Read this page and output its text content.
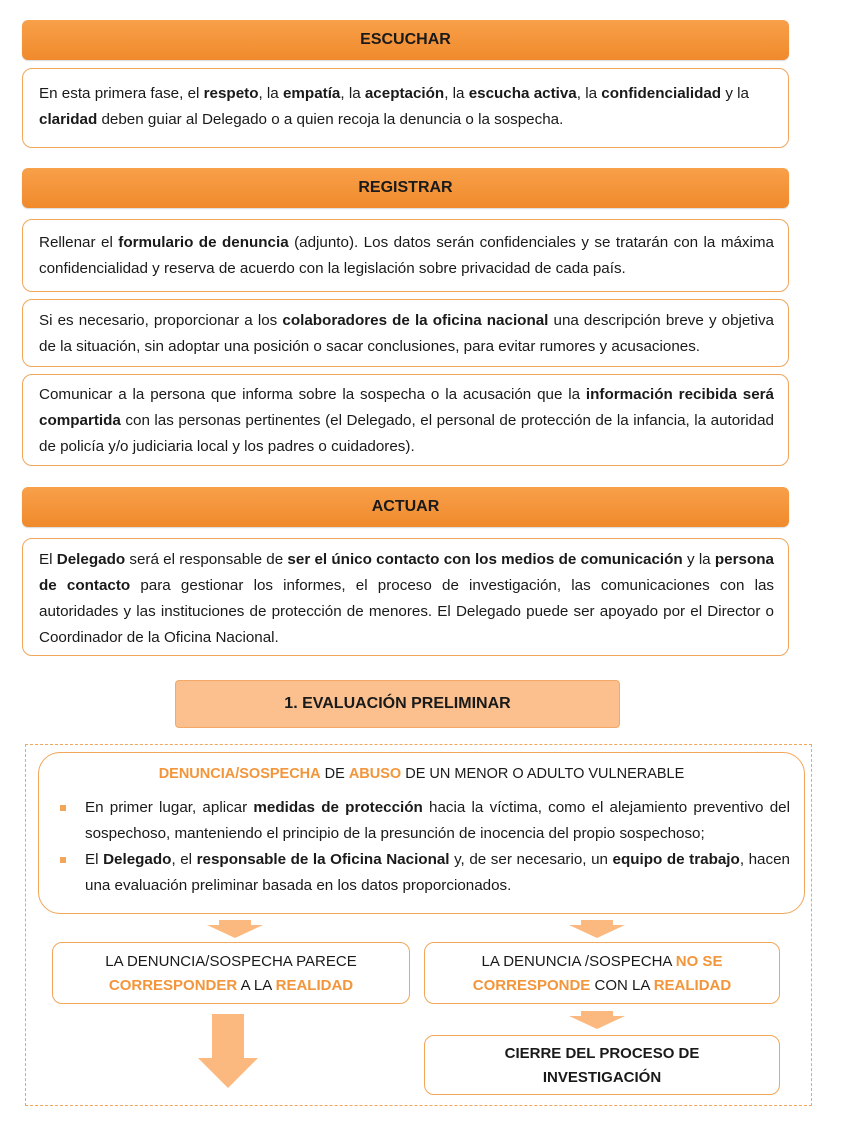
ESCUCHAR
En esta primera fase, el respeto, la empatía, la aceptación, la escucha activa, la confidencialidad y la
claridad deben guiar al Delegado o a quien recoja la denuncia o la sospecha.
REGISTRAR
Rellenar el formulario de denuncia (adjunto). Los datos serán confidenciales y se tratarán con la máxima confidencialidad y reserva de acuerdo con la legislación sobre privacidad de cada país.
Si es necesario, proporcionar a los colaboradores de la oficina nacional una descripción breve y objetiva de la situación, sin adoptar una posición o sacar conclusiones, para evitar rumores y acusaciones.
Comunicar a la persona que informa sobre la sospecha o la acusación que la información recibida será compartida con las personas pertinentes (el Delegado, el personal de protección de la infancia, la autoridad de policía y/o judiciaria local y los padres o cuidadores).
ACTUAR
El Delegado será el responsable de ser el único contacto con los medios de comunicación y la persona de contacto para gestionar los informes, el proceso de investigación, las comunicaciones con las autoridades y las instituciones de protección de menores. El Delegado puede ser apoyado por el Director o Coordinador de la Oficina Nacional.
1. EVALUACIÓN PRELIMINAR
DENUNCIA/SOSPECHA DE ABUSO DE UN MENOR O ADULTO VULNERABLE
En primer lugar, aplicar medidas de protección hacia la víctima, como el alejamiento preventivo del sospechoso, manteniendo el principio de la presunción de inocencia del propio sospechoso;
El Delegado, el responsable de la Oficina Nacional y, de ser necesario, un equipo de trabajo, hacen una evaluación preliminar basada en los datos proporcionados.
LA DENUNCIA/SOSPECHA PARECE
CORRESPONDER A LA REALIDAD
LA DENUNCIA /SOSPECHA NO SE
CORRESPONDE CON LA REALIDAD
CIERRE DEL PROCESO DE
INVESTIGACIÓN
